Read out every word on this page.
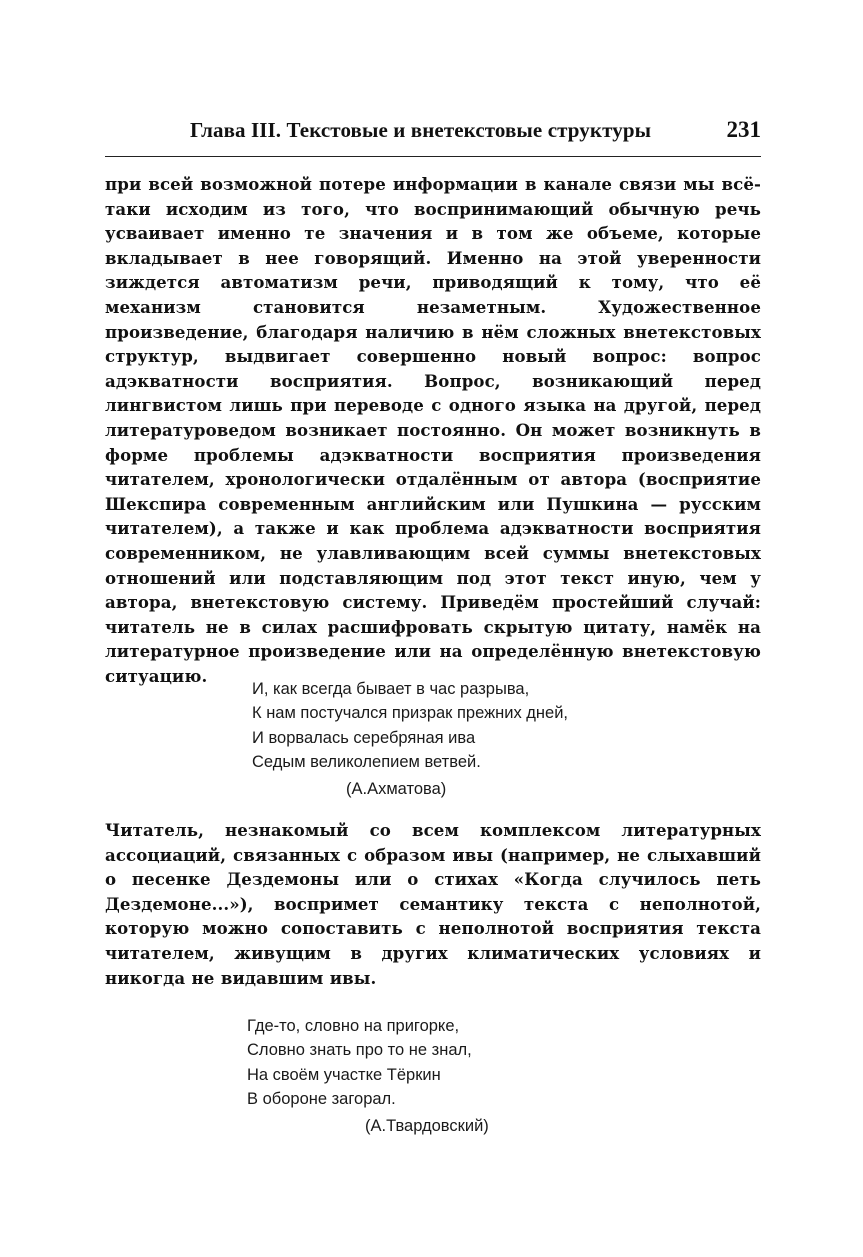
Глава III. Текстовые и внетекстовые структуры	231

при всей возможной потере информации в канале связи мы всё-таки исходим из того, что воспринимающий обычную речь усваивает именно те значения и в том же объеме, которые вкладывает в нее говорящий. Именно на этой уверенности зиждется автоматизм речи, приводящий к тому, что её механизм становится незаметным. Художественное произведение, благодаря наличию в нём сложных внетекстовых структур, выдвигает совершенно новый вопрос: вопрос адэкватности восприятия. Вопрос, возникающий перед лингвистом лишь при переводе с одного языка на другой, перед литературоведом возникает постоянно. Он может возникнуть в форме проблемы адэкватности восприятия произведения читателем, хронологически отдалённым от автора (восприятие Шекспира современным английским или Пушкина — русским читателем), а также и как проблема адэкватности восприятия современником, не улавливающим всей суммы внетекстовых отношений или подставляющим под этот текст иную, чем у автора, внетекстовую систему. Приведём простейший случай: читатель не в силах расшифровать скрытую цитату, намёк на литературное произведение или на определённую внетекстовую ситуацию.

И, как всегда бывает в час разрыва,
К нам постучался призрак прежних дней,
И ворвалась серебряная ива
Седым великолепием ветвей.
(А.Ахматова)

Читатель, незнакомый со всем комплексом литературных ассоциаций, связанных с образом ивы (например, не слыхавший о песенке Дездемоны или о стихах «Когда случилось петь Дездемоне...»), воспримет семантику текста с неполнотой, которую можно сопоставить с неполнотой восприятия текста читателем, живущим в других климатических условиях и никогда не видавшим ивы.

Где-то, словно на пригорке,
Словно знать про то не знал,
На своём участке Тёркин
В обороне загорал.
(А.Твардовский)
